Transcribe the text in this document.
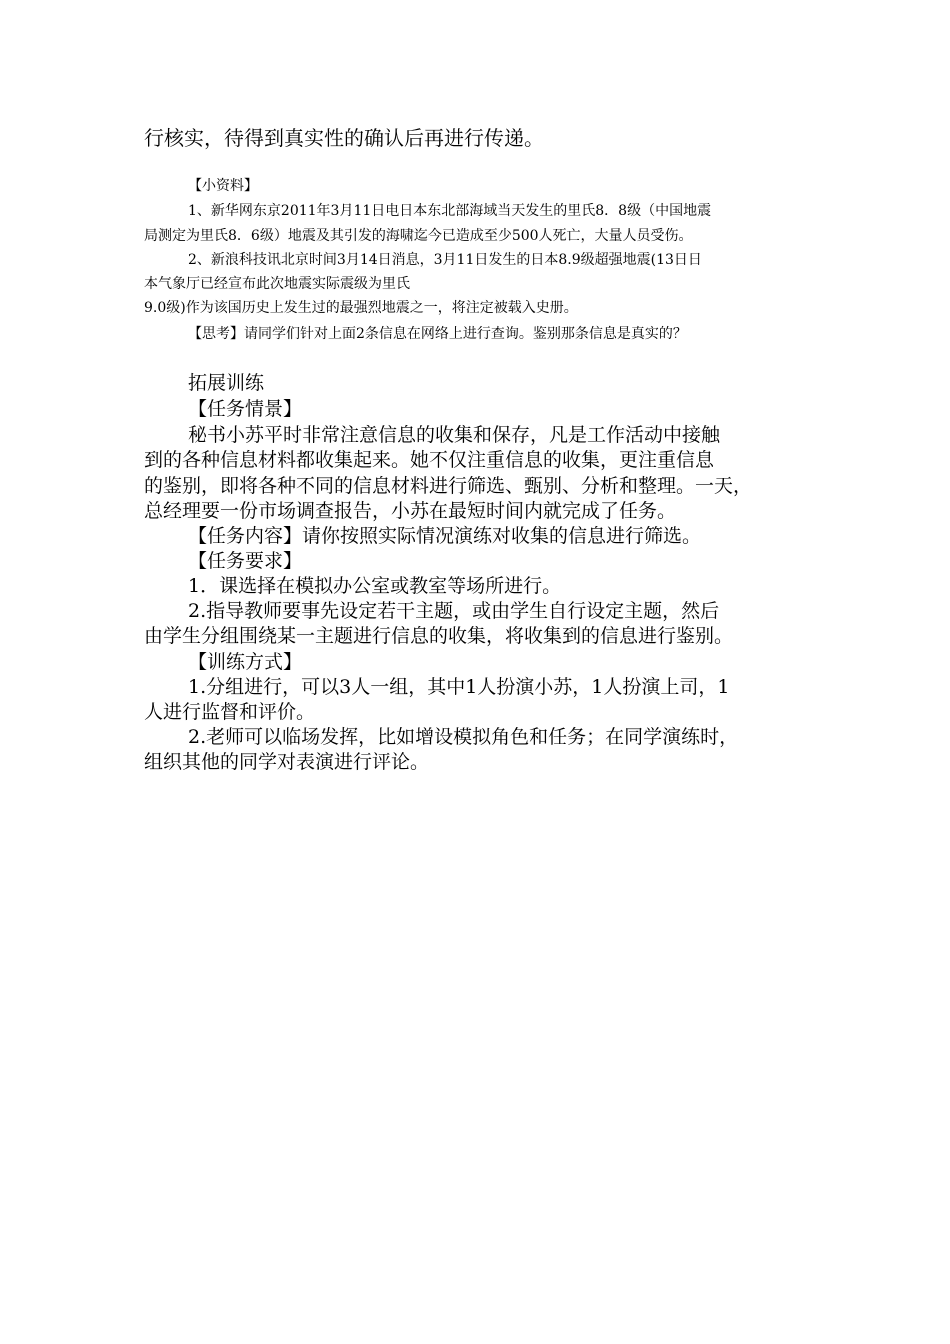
行核实，待得到真实性的确认后再进行传递。

【小资料】

1、新华网东京2011年3月11日电日本东北部海域当天发生的里氏8．8级（中国地震

局测定为里氏8．6级）地震及其引发的海啸迄今已造成至少500人死亡，大量人员受伤。

2、新浪科技讯北京时间3月14日消息，3月11日发生的日本8.9级超强地震(13日日

本气象厅已经宣布此次地震实际震级为里氏

9.0级)作为该国历史上发生过的最强烈地震之一，将注定被载入史册。

【思考】请同学们针对上面2条信息在网络上进行查询。鉴别那条信息是真实的？

拓展训练

【任务情景】

秘书小苏平时非常注意信息的收集和保存，凡是工作活动中接触

到的各种信息材料都收集起来。她不仅注重信息的收集，更注重信息

的鉴别，即将各种不同的信息材料进行筛选、甄别、分析和整理。一天，

总经理要一份市场调查报告，小苏在最短时间内就完成了任务。

【任务内容】请你按照实际情况演练对收集的信息进行筛选。

【任务要求】

1．课选择在模拟办公室或教室等场所进行。

2.指导教师要事先设定若干主题，或由学生自行设定主题，然后

由学生分组围绕某一主题进行信息的收集，将收集到的信息进行鉴别。

【训练方式】

1.分组进行，可以3人一组，其中1人扮演小苏，1人扮演上司，1

人进行监督和评价。

2.老师可以临场发挥，比如增设模拟角色和任务；在同学演练时，

组织其他的同学对表演进行评论。
